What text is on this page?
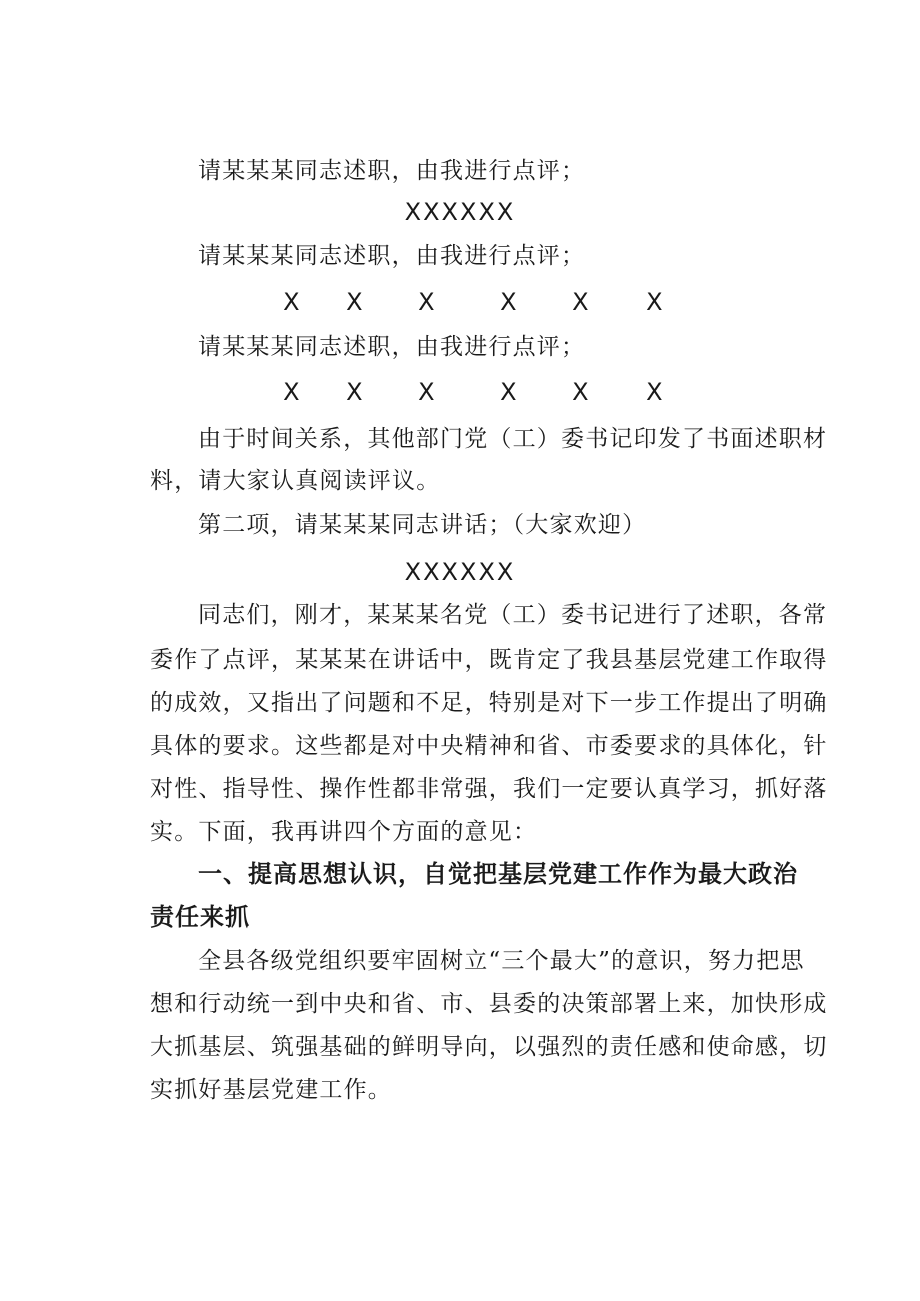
请某某某同志述职，由我进行点评；
XXXXXX
请某某某同志述职，由我进行点评；
X X X	X X X
请某某某同志述职，由我进行点评；
X X X	X X X
由于时间关系，其他部门党（工）委书记印发了书面述职材
料，请大家认真阅读评议。
第二项，请某某某同志讲话；（大家欢迎）
XXXXXX
同志们，刚才，某某某名党（工）委书记进行了述职，各常
委作了点评，某某某在讲话中，既肯定了我县基层党建工作取得
的成效，又指出了问题和不足，特别是对下一步工作提出了明确
具体的要求。这些都是对中央精神和省、市委要求的具体化，针
对性、指导性、操作性都非常强，我们一定要认真学习，抓好落
实。下面，我再讲四个方面的意见：
一、提高思想认识，自觉把基层党建工作作为最大政治
责任来抓
全县各级党组织要牢固树立“三个最大”的意识，努力把思
想和行动统一到中央和省、市、县委的决策部署上来，加快形成
大抓基层、筑强基础的鲜明导向，以强烈的责任感和使命感，切
实抓好基层党建工作。
